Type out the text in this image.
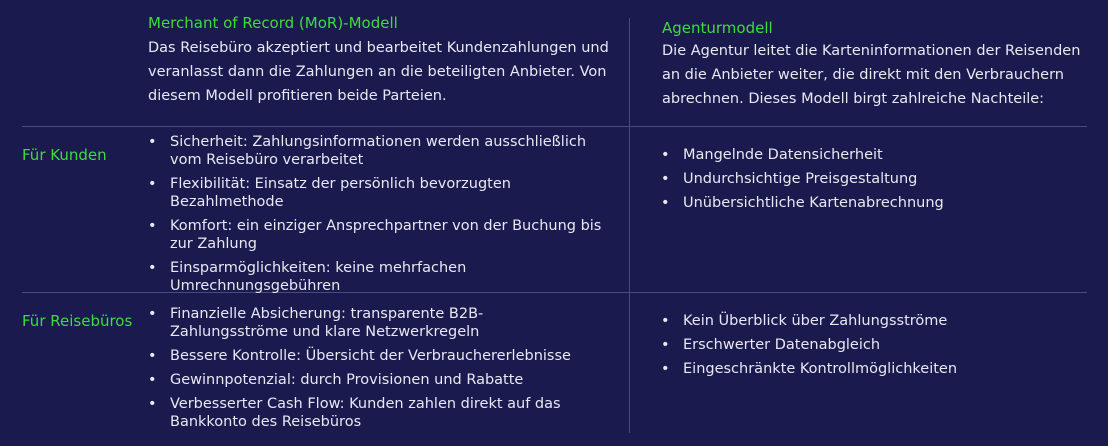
Merchant of Record (MoR)-Modell
Das Reisebüro akzeptiert und bearbeitet Kundenzahlungen und veranlasst dann die Zahlungen an die beteiligten Anbieter. Von diesem Modell profitieren beide Parteien.
Agenturmodell
Die Agentur leitet die Karteninformationen der Reisenden an die Anbieter weiter, die direkt mit den Verbrauchern abrechnen. Dieses Modell birgt zahlreiche Nachteile:
Für Kunden
• Sicherheit: Zahlungsinformationen werden ausschließlich vom Reisebüro verarbeitet
• Flexibilität: Einsatz der persönlich bevorzugten Bezahlmethode
• Komfort: ein einziger Ansprechpartner von der Buchung bis zur Zahlung
• Einsparmöglichkeiten: keine mehrfachen Umrechnungsgebühren
• Mangelnde Datensicherheit
• Undurchsichtige Preisgestaltung
• Unübersichtliche Kartenabrechnung
Für Reisebüros
•	Finanzielle Absicherung: transparente B2B-Zahlungsströme und klare Netzwerkregeln
• Bessere Kontrolle: Übersicht der Verbrauchererlebnisse
• Gewinnpotenzial: durch Provisionen und Rabatte
• Verbesserter Cash Flow: Kunden zahlen direkt auf das Bankkonto des Reisebüros
• Kein Überblick über Zahlungsströme
• Erschwerter Datenabgleich
• Eingeschränkte Kontrollmöglichkeiten
